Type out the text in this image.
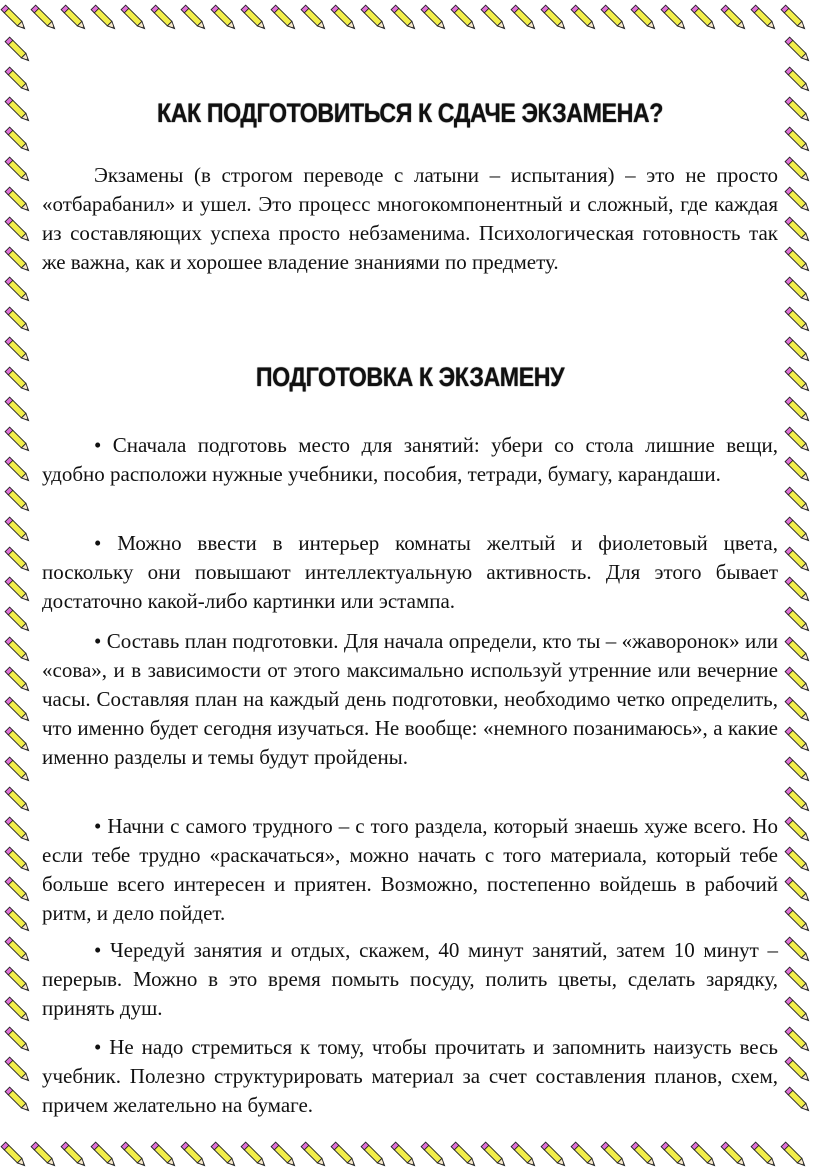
КАК ПОДГОТОВИТЬСЯ К СДАЧЕ ЭКЗАМЕНА?

Экзамены (в строгом переводе с латыни – испытания) – это не просто «отбарабанил» и ушел. Это процесс многокомпонентный и сложный, где каждая из составляющих успеха просто небзаменима. Психологическая готовность так же важна, как и хорошее владение знаниями по предмету.

ПОДГОТОВКА К ЭКЗАМЕНУ

• Сначала подготовь место для занятий: убери со стола лишние вещи, удобно расположи нужные учебники, пособия, тетради, бумагу, карандаши.

• Можно ввести в интерьер комнаты желтый и фиолетовый цвета, поскольку они повышают интеллектуальную активность. Для этого бывает достаточно какой-либо картинки или эстампа.

• Составь план подготовки. Для начала определи, кто ты – «жаворонок» или «сова», и в зависимости от этого максимально используй утренние или вечерние часы. Составляя план на каждый день подготовки, необходимо четко определить, что именно будет сегодня изучаться. Не вообще: «немного позанимаюсь», а какие именно разделы и темы будут пройдены.

• Начни с самого трудного – с того раздела, который знаешь хуже всего. Но если тебе трудно «раскачаться», можно начать с того материала, который тебе больше всего интересен и приятен. Возможно, постепенно войдешь в рабочий ритм, и дело пойдет.

• Чередуй занятия и отдых, скажем, 40 минут занятий, затем 10 минут – перерыв. Можно в это время помыть посуду, полить цветы, сделать зарядку, принять душ.

• Не надо стремиться к тому, чтобы прочитать и запомнить наизусть весь учебник. Полезно структурировать материал за счет составления планов, схем, причем желательно на бумаге.
